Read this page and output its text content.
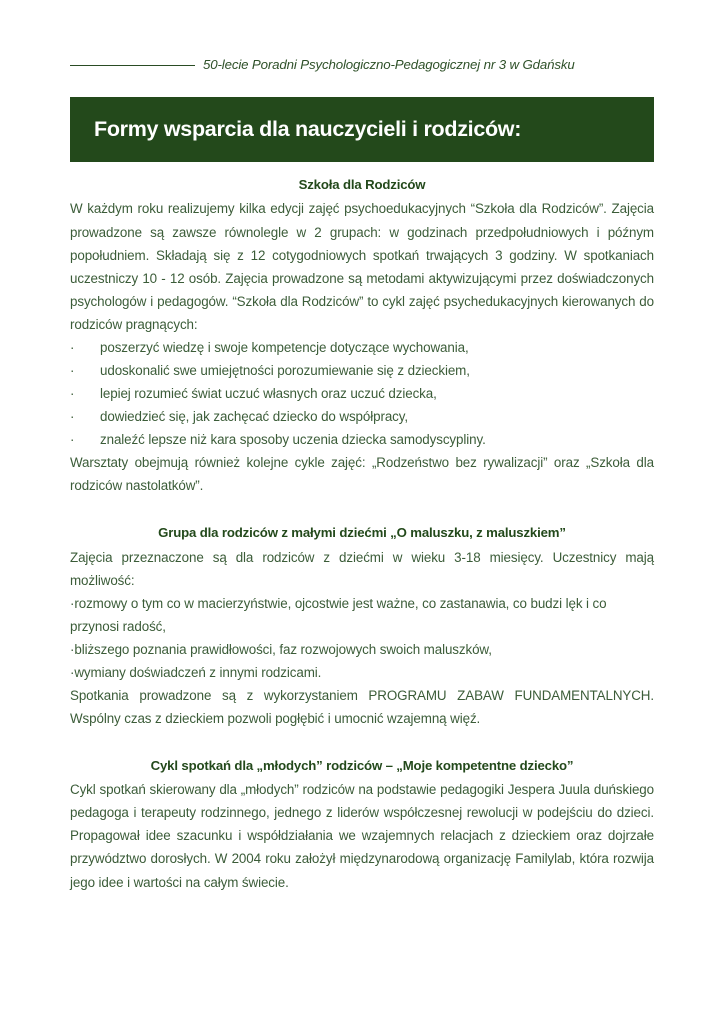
50-lecie Poradni Psychologiczno-Pedagogicznej nr 3 w Gdańsku
Formy wsparcia dla nauczycieli i rodziców:
Szkoła dla Rodziców

W każdym roku realizujemy kilka edycji zajęć psychoedukacyjnych “Szkoła dla Rodziców”. Zajęcia prowadzone są zawsze równolegle w 2 grupach: w godzinach przedpołudniowych i późnym popołudniem. Składają się z 12 cotygodniowych spotkań trwających 3 godziny. W spotkaniach uczestniczy 10 - 12 osób. Zajęcia prowadzone są metodami aktywizującymi przez doświadczonych psychologów i pedagogów. “Szkoła dla Rodziców” to cykl zajęć psychedukacyjnych kierowanych do rodziców pragnących:

· poszerzyć wiedzę i swoje kompetencje dotyczące wychowania,
· udoskonalić swe umiejętności porozumiewanie się z dzieckiem,
· lepiej rozumieć świat uczuć własnych oraz uczuć dziecka,
· dowiedzieć się, jak zachęcać dziecko do współpracy,
· znaleźć lepsze niż kara sposoby uczenia dziecka samodyscypliny.

Warsztaty obejmują również kolejne cykle zajęć: „Rodzeństwo bez rywalizacji” oraz „Szkoła dla rodziców nastolatków”.

Grupa dla rodziców z małymi dziećmi „O maluszku, z maluszkiem”

Zajęcia przeznaczone są dla rodziców z dziećmi w wieku 3-18 miesięcy. Uczestnicy mają możliwość:

·rozmowy o tym co w macierzyństwie, ojcostwie jest ważne, co zastanawia, co budzi lęk i co przynosi radość,

·bliższego poznania prawidłowości, faz rozwojowych swoich maluszków,

·wymiany doświadczeń z innymi rodzicami.

Spotkania prowadzone są z wykorzystaniem PROGRAMU ZABAW FUNDAMENTALNYCH. Wspólny czas z dzieckiem pozwoli pogłębić i umocnić wzajemną więź.

Cykl spotkań dla „młodych” rodziców – „Moje kompetentne dziecko”

Cykl spotkań skierowany dla „młodych” rodziców na podstawie pedagogiki Jespera Juula duńskiego pedagoga i terapeuty rodzinnego, jednego z liderów współczesnej rewolucji w podejściu do dzieci. Propagował idee szacunku i współdziałania we wzajemnych relacjach z dzieckiem oraz dojrzałe przywództwo dorosłych. W 2004 roku założył międzynarodową organizację Familylab, która rozwija jego idee i wartości na całym świecie.
